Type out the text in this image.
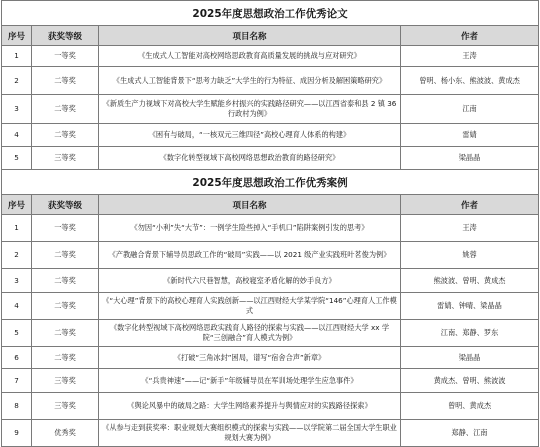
2025年度思想政治工作优秀论文			
序号	获奖等级	项目名称	作者
1	一等奖	《生成式人工智能对高校网络思政教育高质量发展的挑战与应对研究》	王涛
2	二等奖	《生成式人工智能背景下“思考力缺乏”大学生的行为特征、成因分析及解困策略研究》	曾明、杨小东、熊波波、黄成杰
3	二等奖	《新质生产力视域下对高校大学生赋能乡村振兴的实践路径研究——以江西省泰和县 2 镇 36 行政村为例》	江南
4	二等奖	《困有与破局，“一核双元三维四径”高校心理育人体系的构建》	雷婧
5	三等奖	《数字化转型视域下高校网络思想政治教育的路径研究》	梁晶晶
2025年度思想政治工作优秀案例			
序号	获奖等级	项目名称	作者
1	一等奖	《勿因“小利”失“大节”：一例学生险些掉入“手机口”陷阱案例引发的思考》	王涛
2	二等奖	《产教融合背景下辅导员思政工作的“破局”实践——以 2021 级产业实践班叶茗俊为例》	姚蓉
3	二等奖	《新时代六尺巷智慧，高校寝室矛盾化解的妙手良方》	熊波波、曾明、黄成杰
4	二等奖	《“大心理”背景下的高校心理育人实践创新——以江西财经大学某学院“146”心理育人工作模式	雷婧、钟晴、梁晶晶
5	二等奖	《数字化转型视域下高校网络思政实践育人路径的探索与实践——以江西财经大学 xx 学院“三创融合”育人模式为例》	江南、郑静、罗东
6	二等奖	《打破“三角冰封”困局，谱写“宿舍合声”新章》	梁晶晶
7	三等奖	《“兵贵神速”——记“新手”年级辅导员在军训场处理学生应急事件》	黄成杰、曾明、熊波波
8	三等奖	《舆论风暴中的破局之路：大学生网络素养提升与舆情应对的实践路径探索》	曾明、黄成杰
9	优秀奖	《从参与走到获奖率：职业规划大赛组织模式的探索与实践——以学院第二届全国大学生职业规划大赛为例》	郑静、江南
